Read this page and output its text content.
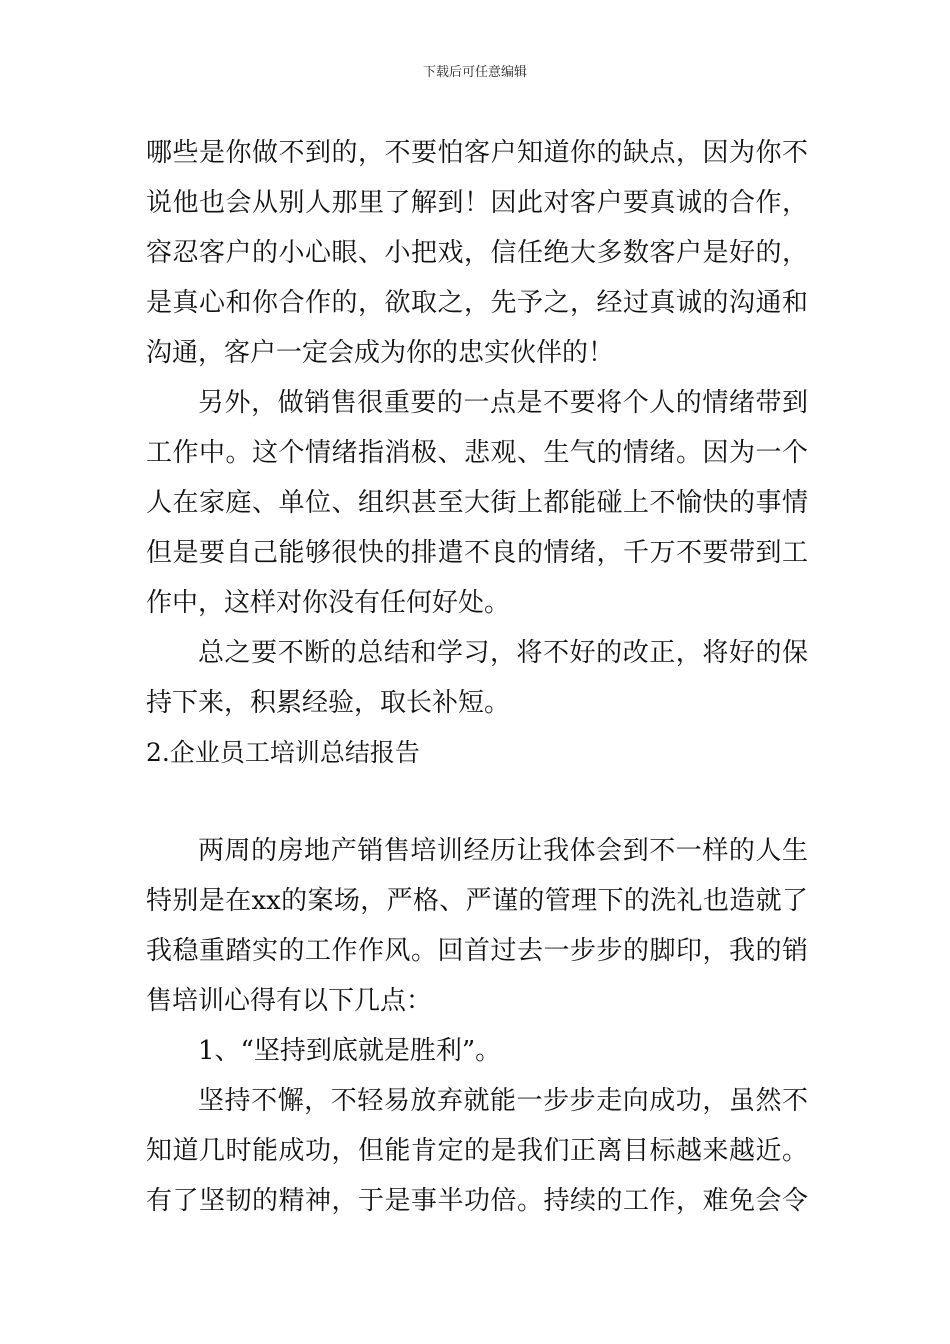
下载后可任意编辑
哪些是你做不到的，不要怕客户知道你的缺点，因为你不
说他也会从别人那里了解到！因此对客户要真诚的合作，
容忍客户的小心眼、小把戏，信任绝大多数客户是好的，
是真心和你合作的，欲取之，先予之，经过真诚的沟通和
沟通，客户一定会成为你的忠实伙伴的！
另外，做销售很重要的一点是不要将个人的情绪带到
工作中。这个情绪指消极、悲观、生气的情绪。因为一个
人在家庭、单位、组织甚至大街上都能碰上不愉快的事情
但是要自己能够很快的排遣不良的情绪，千万不要带到工
作中，这样对你没有任何好处。
总之要不断的总结和学习，将不好的改正，将好的保
持下来，积累经验，取长补短。
2.企业员工培训总结报告
两周的房地产销售培训经历让我体会到不一样的人生
特别是在xx的案场，严格、严谨的管理下的洗礼也造就了
我稳重踏实的工作作风。回首过去一步步的脚印，我的销
售培训心得有以下几点：
1、“坚持到底就是胜利”。
坚持不懈，不轻易放弃就能一步步走向成功，虽然不
知道几时能成功，但能肯定的是我们正离目标越来越近。
有了坚韧的精神，于是事半功倍。持续的工作，难免会令
